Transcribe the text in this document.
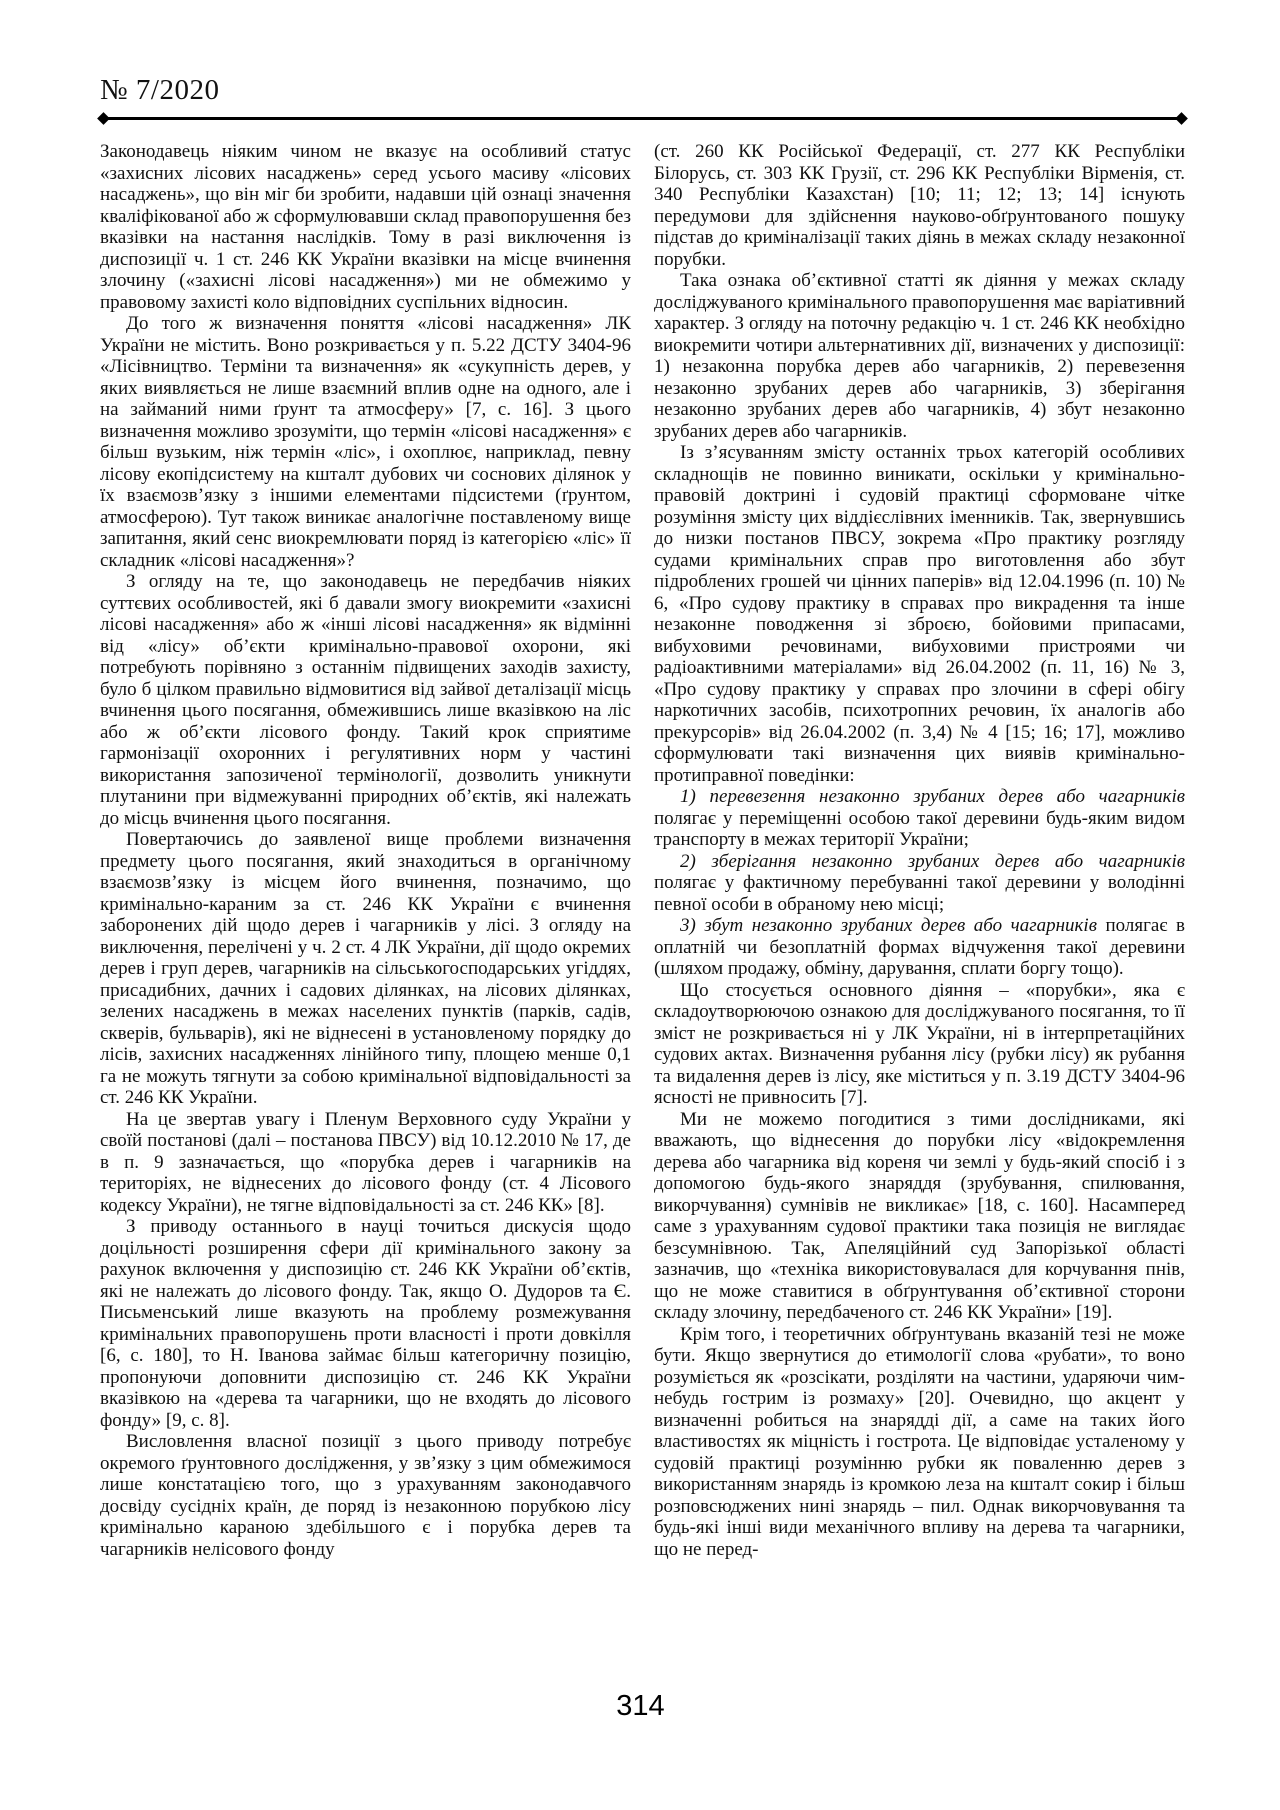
№ 7/2020

Законодавець ніяким чином не вказує на особливий статус «захисних лісових насаджень» серед усього масиву «лісових насаджень», що він міг би зробити, надавши цій ознаці значення кваліфікованої або ж сформулювавши склад правопорушення без вказівки на настання наслідків. Тому в разі виключення із диспозиції ч. 1 ст. 246 КК України вказівки на місце вчинення злочину («захисні лісові насадження») ми не обмежимо у правовому захисті коло відповідних суспільних відносин.

До того ж визначення поняття «лісові насадження» ЛК України не містить. Воно розкривається у п. 5.22 ДСТУ 3404-96 «Лісівництво. Терміни та визначення» як «сукупність дерев, у яких виявляється не лише взаємний вплив одне на одного, але і на займаний ними ґрунт та атмосферу» [7, с. 16]. З цього визначення можливо зрозуміти, що термін «лісові насадження» є більш вузьким, ніж термін «ліс», і охоплює, наприклад, певну лісову екопідсистему на кшталт дубових чи соснових ділянок у їх взаємозв’язку з іншими елементами підсистеми (ґрунтом, атмосферою). Тут також виникає аналогічне поставленому вище запитання, який сенс виокремлювати поряд із категорією «ліс» її складник «лісові насадження»?

З огляду на те, що законодавець не передбачив ніяких суттєвих особливостей, які б давали змогу виокремити «захисні лісові насадження» або ж «інші лісові насадження» як відмінні від «лісу» об’єкти кримінально-правової охорони, які потребують порівняно з останнім підвищених заходів захисту, було б цілком правильно відмовитися від зайвої деталізації місць вчинення цього посягання, обмежившись лише вказівкою на ліс або ж об’єкти лісового фонду. Такий крок сприятиме гармонізації охоронних і регулятивних норм у частині використання запозиченої термінології, дозволить уникнути плутанини при відмежуванні природних об’єктів, які належать до місць вчинення цього посягання.

Повертаючись до заявленої вище проблеми визначення предмету цього посягання, який знаходиться в органічному взаємозв’язку із місцем його вчинення, позначимо, що кримінально-караним за ст. 246 КК України є вчинення заборонених дій щодо дерев і чагарників у лісі. З огляду на виключення, перелічені у ч. 2 ст. 4 ЛК України, дії щодо окремих дерев і груп дерев, чагарників на сільськогосподарських угіддях, присадибних, дачних і садових ділянках, на лісових ділянках, зелених насаджень в межах населених пунктів (парків, садів, скверів, бульварів), які не віднесені в установленому порядку до лісів, захисних насадженнях лінійного типу, площею менше 0,1 га не можуть тягнути за собою кримінальної відповідальності за ст. 246 КК України.

На це звертав увагу і Пленум Верховного суду України у своїй постанові (далі – постанова ПВСУ) від 10.12.2010 № 17, де в п. 9 зазначається, що «порубка дерев і чагарників на територіях, не віднесених до лісового фонду (ст. 4 Лісового кодексу України), не тягне відповідальності за ст. 246 КК» [8].

З приводу останнього в науці точиться дискусія щодо доцільності розширення сфери дії кримінального закону за рахунок включення у диспозицію ст. 246 КК України об’єктів, які не належать до лісового фонду. Так, якщо О. Дудоров та Є. Письменський лише вказують на проблему розмежування кримінальних правопорушень проти власності і проти довкілля [6, с. 180], то Н. Іванова займає більш категоричну позицію, пропонуючи доповнити диспозицію ст. 246 КК України вказівкою на «дерева та чагарники, що не входять до лісового фонду» [9, с. 8].

Висловлення власної позиції з цього приводу потребує окремого ґрунтовного дослідження, у зв’язку з цим обмежимося лише констатацією того, що з урахуванням законодавчого досвіду сусідніх країн, де поряд із незаконною порубкою лісу кримінально караною здебільшого є і порубка дерев та чагарників нелісового фонду

(ст. 260 КК Російської Федерації, ст. 277 КК Республіки Білорусь, ст. 303 КК Грузії, ст. 296 КК Республіки Вірменія, ст. 340 Республіки Казахстан) [10; 11; 12; 13; 14] існують передумови для здійснення науково-обґрунтованого пошуку підстав до криміналізації таких діянь в межах складу незаконної порубки.

Така ознака об’єктивної статті як діяння у межах складу досліджуваного кримінального правопорушення має варіативний характер. З огляду на поточну редакцію ч. 1 ст. 246 КК необхідно виокремити чотири альтернативних дії, визначених у диспозиції: 1) незаконна порубка дерев або чагарників, 2) перевезення незаконно зрубаних дерев або чагарників, 3) зберігання незаконно зрубаних дерев або чагарників, 4) збут незаконно зрубаних дерев або чагарників.

Із з’ясуванням змісту останніх трьох категорій особливих складнощів не повинно виникати, оскільки у кримінально-правовій доктрині і судовій практиці сформоване чітке розуміння змісту цих віддієслівних іменників. Так, звернувшись до низки постанов ПВСУ, зокрема «Про практику розгляду судами кримінальних справ про виготовлення або збут підроблених грошей чи цінних паперів» від 12.04.1996 (п. 10) № 6, «Про судову практику в справах про викрадення та інше незаконне поводження зі зброєю, бойовими припасами, вибуховими речовинами, вибуховими пристроями чи радіоактивними матеріалами» від 26.04.2002 (п. 11, 16) № 3, «Про судову практику у справах про злочини в сфері обігу наркотичних засобів, психотропних речовин, їх аналогів або прекурсорів» від 26.04.2002 (п. 3,4) № 4 [15; 16; 17], можливо сформулювати такі визначення цих виявів кримінально-протиправної поведінки:

1) перевезення незаконно зрубаних дерев або чагарників полягає у переміщенні особою такої деревини будь-яким видом транспорту в межах території України;

2) зберігання незаконно зрубаних дерев або чагарників полягає у фактичному перебуванні такої деревини у володінні певної особи в обраному нею місці;

3) збут незаконно зрубаних дерев або чагарників полягає в оплатній чи безоплатній формах відчуження такої деревини (шляхом продажу, обміну, дарування, сплати боргу тощо).

Що стосується основного діяння – «порубки», яка є складоутворюючою ознакою для досліджуваного посягання, то її зміст не розкривається ні у ЛК України, ні в інтерпретаційних судових актах. Визначення рубання лісу (рубки лісу) як рубання та видалення дерев із лісу, яке міститься у п. 3.19 ДСТУ 3404-96 ясності не привносить [7].

Ми не можемо погодитися з тими дослідниками, які вважають, що віднесення до порубки лісу «відокремлення дерева або чагарника від кореня чи землі у будь-який спосіб і з допомогою будь-якого знаряддя (зрубування, спилювання, викорчування) сумнівів не викликає» [18, с. 160]. Насамперед саме з урахуванням судової практики така позиція не виглядає безсумнівною. Так, Апеляційний суд Запорізької області зазначив, що «техніка використовувалася для корчування пнів, що не може ставитися в обґрунтування об’єктивної сторони складу злочину, передбаченого ст. 246 КК України» [19].

Крім того, і теоретичних обґрунтувань вказаній тезі не може бути. Якщо звернутися до етимології слова «рубати», то воно розуміється як «розсікати, розділяти на частини, ударяючи чим-небудь гострим із розмаху» [20]. Очевидно, що акцент у визначенні робиться на знарядді дії, а саме на таких його властивостях як міцність і гострота. Це відповідає усталеному у судовій практиці розумінню рубки як поваленню дерев з використанням знарядь із кромкою леза на кшталт сокир і більш розповсюджених нині знарядь – пил. Однак викорчовування та будь-які інші види механічного впливу на дерева та чагарники, що не перед-

314
